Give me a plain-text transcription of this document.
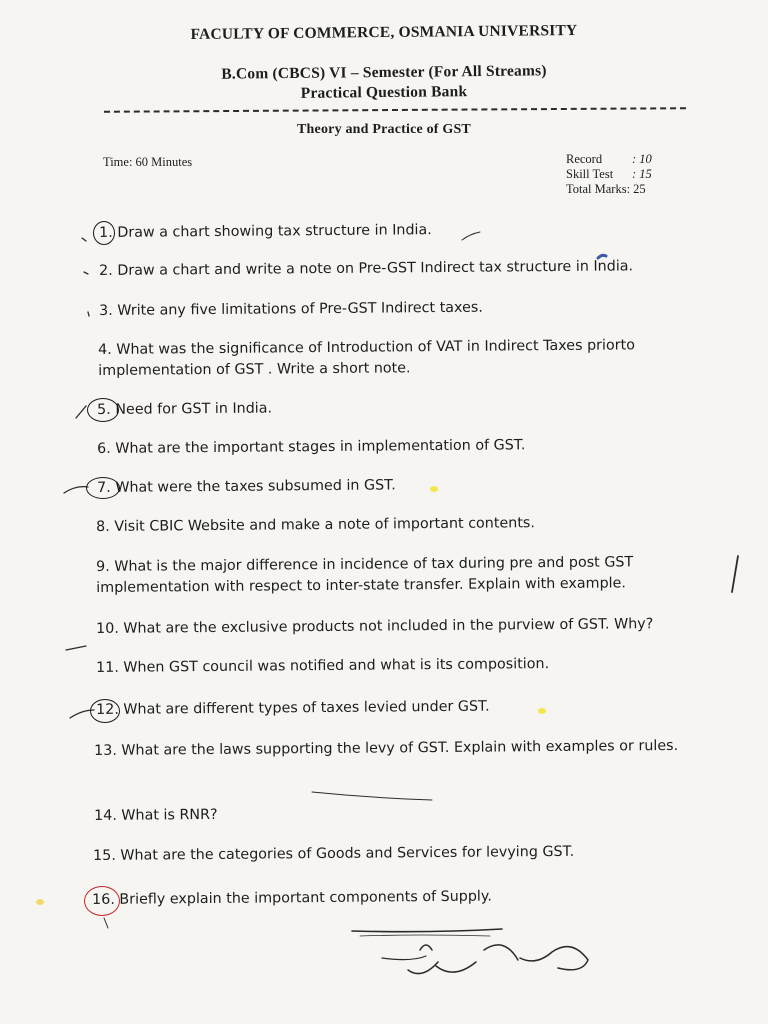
FACULTY OF COMMERCE, OSMANIA UNIVERSITY
B.Com (CBCS) VI – Semester (For All Streams)
Practical Question Bank
Theory and Practice of GST
Time: 60 Minutes	Record	: 10
Skill Test	: 15
Total Marks: 25
1. Draw a chart showing tax structure in India.
2. Draw a chart and write a note on Pre-GST Indirect tax structure in India.
3. Write any five limitations of Pre-GST Indirect taxes.
4. What was the significance of Introduction of VAT in Indirect Taxes priorto implementation of GST . Write a short note.
5. Need for GST in India.
6. What are the important stages in implementation of GST.
7. What were the taxes subsumed in GST.
8. Visit CBIC Website and make a note of important contents.
9. What is the major difference in incidence of tax during pre and post GST implementation with respect to inter-state transfer. Explain with example.
10. What are the exclusive products not included in the purview of GST. Why?
11. When GST council was notified and what is its composition.
12. What are different types of taxes levied under GST.
13. What are the laws supporting the levy of GST. Explain with examples or rules.
14. What is RNR?
15. What are the categories of Goods and Services for levying GST.
16. Briefly explain the important components of Supply.
